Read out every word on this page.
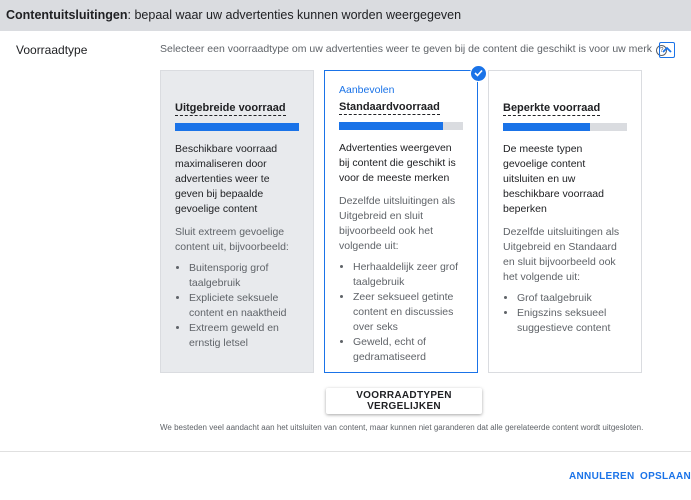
Contentuitsluitingen: bepaal waar uw advertenties kunnen worden weergegeven
Voorraadtype	Selecteer een voorraadtype om uw advertenties weer te geven bij de content die geschikt is voor uw merk ?
Uitgebreide voorraad
Beschikbare voorraad maximaliseren door advertenties weer te geven bij bepaalde gevoelige content
Sluit extreem gevoelige content uit, bijvoorbeeld:
• Buitensporig grof taalgebruik
• Expliciete seksuele content en naaktheid
• Extreem geweld en ernstig letsel
Aanbevolen
Standaardvoorraad
Advertenties weergeven bij content die geschikt is voor de meeste merken
Dezelfde uitsluitingen als Uitgebreid en sluit bijvoorbeeld ook het volgende uit:
• Herhaaldelijk zeer grof taalgebruik
• Zeer seksueel getinte content en discussies over seks
• Geweld, echt of gedramatiseerd
Beperkte voorraad
De meeste typen gevoelige content uitsluiten en uw beschikbare voorraad beperken
Dezelfde uitsluitingen als Uitgebreid en Standaard en sluit bijvoorbeeld ook het volgende uit:
• Grof taalgebruik
• Enigszins seksueel suggestieve content
VOORRAADTYPEN VERGELIJKEN
We besteden veel aandacht aan het uitsluiten van content, maar kunnen niet garanderen dat alle gerelateerde content wordt uitgesloten.
ANNULEREN OPSLAAN
